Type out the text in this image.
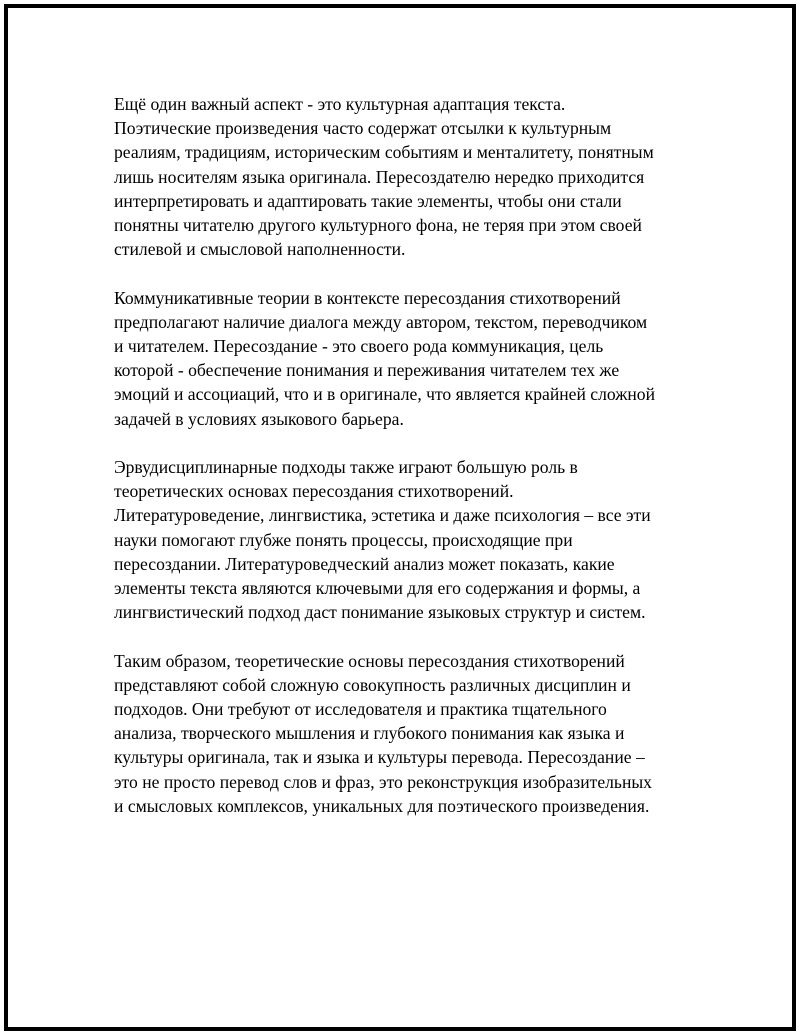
Ещё один важный аспект - это культурная адаптация текста.
Поэтические произведения часто содержат отсылки к культурным
реалиям, традициям, историческим событиям и менталитету, понятным
лишь носителям языка оригинала. Пересоздателю нередко приходится
интерпретировать и адаптировать такие элементы, чтобы они стали
понятны читателю другого культурного фона, не теряя при этом своей
стилевой и смысловой наполненности.

Коммуникативные теории в контексте пересоздания стихотворений
предполагают наличие диалога между автором, текстом, переводчиком
и читателем. Пересоздание - это своего рода коммуникация, цель
которой - обеспечение понимания и переживания читателем тех же
эмоций и ассоциаций, что и в оригинале, что является крайней сложной
задачей в условиях языкового барьера.

Эрвудисциплинарные подходы также играют большую роль в
теоретических основах пересоздания стихотворений.
Литературоведение, лингвистика, эстетика и даже психология – все эти
науки помогают глубже понять процессы, происходящие при
пересоздании. Литературоведческий анализ может показать, какие
элементы текста являются ключевыми для его содержания и формы, а
лингвистический подход даст понимание языковых структур и систем.

Таким образом, теоретические основы пересоздания стихотворений
представляют собой сложную совокупность различных дисциплин и
подходов. Они требуют от исследователя и практика тщательного
анализа, творческого мышления и глубокого понимания как языка и
культуры оригинала, так и языка и культуры перевода. Пересоздание –
это не просто перевод слов и фраз, это реконструкция изобразительных
и смысловых комплексов, уникальных для поэтического произведения.
